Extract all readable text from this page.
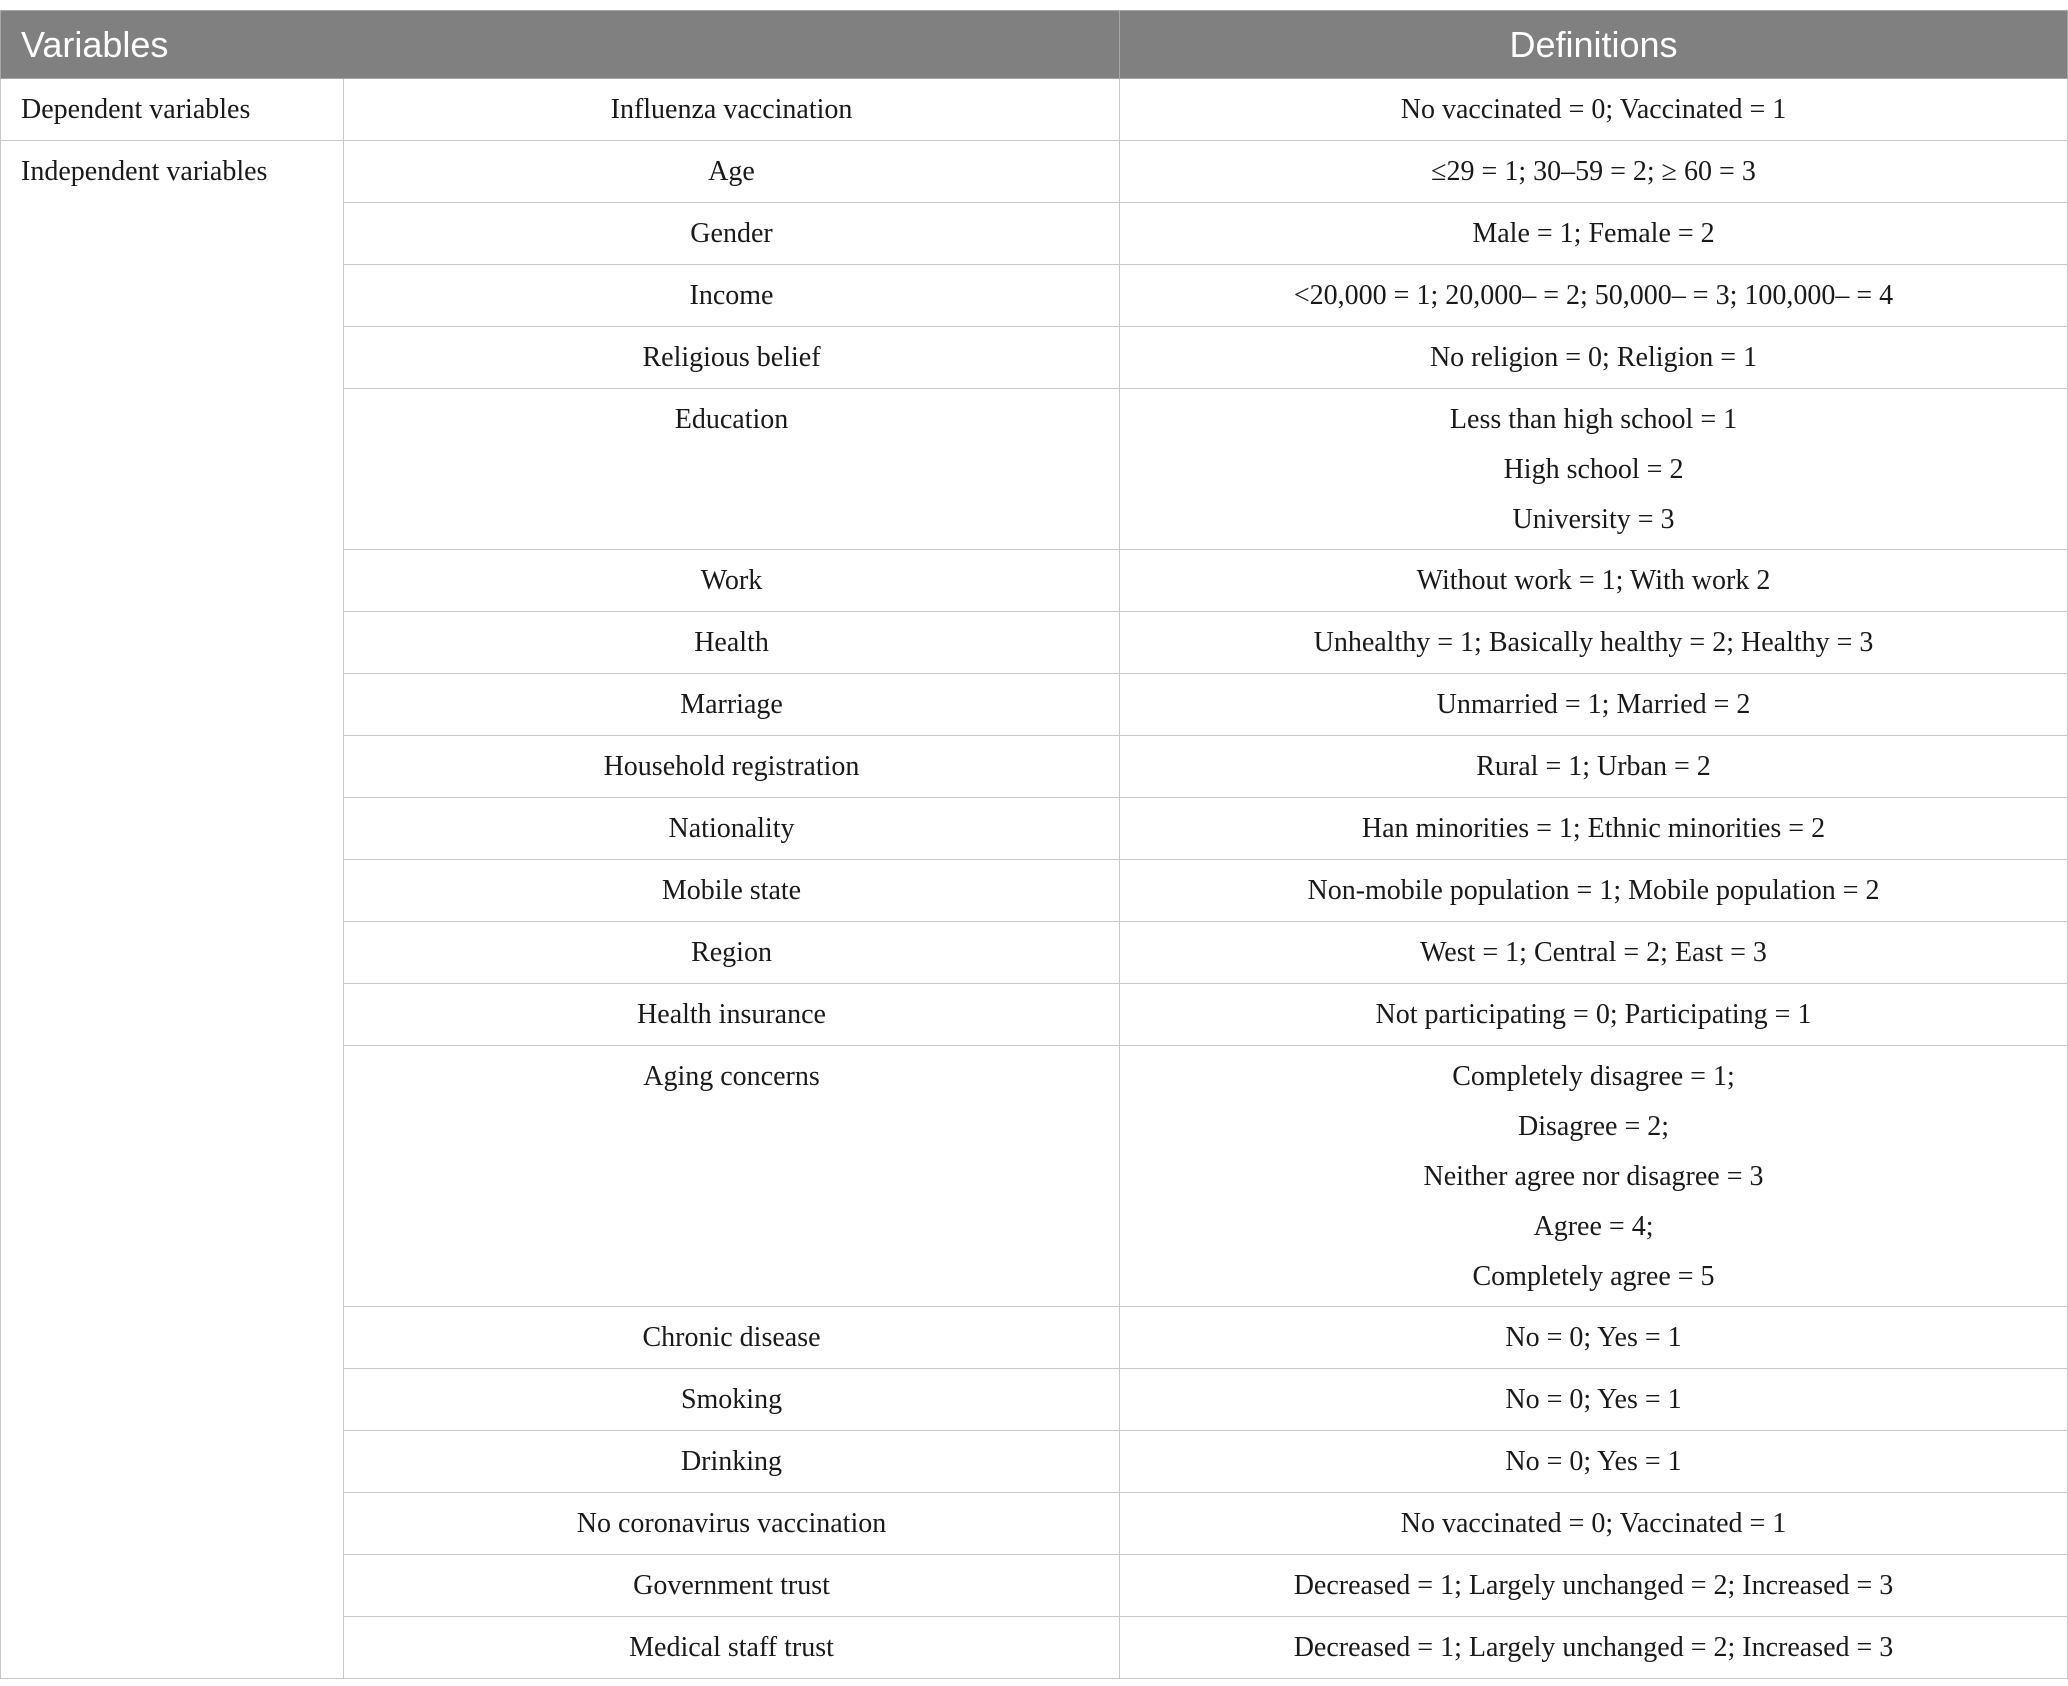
Variables		Definitions
Dependent variables	Influenza vaccination	No vaccinated = 0; Vaccinated = 1

Independent variables	Age	≤29 = 1; 30–59 = 2; ≥ 60 = 3

	Gender	Male = 1; Female = 2

	Income	<20,000 = 1; 20,000– = 2; 50,000– = 3; 100,000– = 4

	Religious belief	No religion = 0; Religion = 1

	Education	Less than high school = 1
High school = 2
University = 3

	Work	Without work = 1; With work 2

	Health	Unhealthy = 1; Basically healthy = 2; Healthy = 3

	Marriage	Unmarried = 1; Married = 2

	Household registration	Rural = 1; Urban = 2

	Nationality	Han minorities = 1; Ethnic minorities = 2

	Mobile state	Non-mobile population = 1; Mobile population = 2

	Region	West = 1; Central = 2; East = 3

	Health insurance	Not participating = 0; Participating = 1

	Aging concerns	Completely disagree = 1;
Disagree = 2;
Neither agree nor disagree = 3
Agree = 4;
Completely agree = 5

	Chronic disease	No = 0; Yes = 1

	Smoking	No = 0; Yes = 1

	Drinking	No = 0; Yes = 1

	No coronavirus vaccination	No vaccinated = 0; Vaccinated = 1

	Government trust	Decreased = 1; Largely unchanged = 2; Increased = 3

	Medical staff trust	Decreased = 1; Largely unchanged = 2; Increased = 3
